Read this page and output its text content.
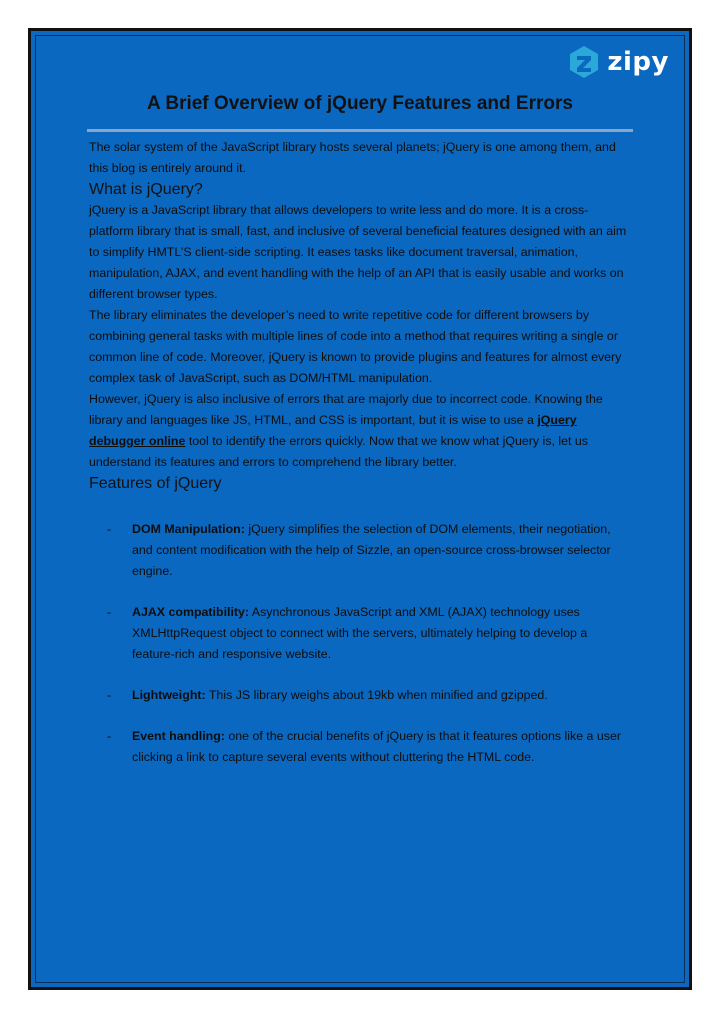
zipy
A Brief Overview of jQuery Features and Errors

The solar system of the JavaScript library hosts several planets; jQuery is one among them, and this blog is entirely around it.

What is jQuery?

jQuery is a JavaScript library that allows developers to write less and do more. It is a cross-platform library that is small, fast, and inclusive of several beneficial features designed with an aim to simplify HMTL’S client-side scripting. It eases tasks like document traversal, animation, manipulation, AJAX, and event handling with the help of an API that is easily usable and works on different browser types.

The library eliminates the developer’s need to write repetitive code for different browsers by combining general tasks with multiple lines of code into a method that requires writing a single or common line of code. Moreover, jQuery is known to provide plugins and features for almost every complex task of JavaScript, such as DOM/HTML manipulation.

However, jQuery is also inclusive of errors that are majorly due to incorrect code. Knowing the library and languages like JS, HTML, and CSS is important, but it is wise to use a jQuery debugger online tool to identify the errors quickly. Now that we know what jQuery is, let us understand its features and errors to comprehend the library better.

Features of jQuery
- DOM Manipulation: jQuery simplifies the selection of DOM elements, their negotiation, and content modification with the help of Sizzle, an open-source cross-browser selector engine.
- AJAX compatibility: Asynchronous JavaScript and XML (AJAX) technology uses XMLHttpRequest object to connect with the servers, ultimately helping to develop a feature-rich and responsive website.
- Lightweight: This JS library weighs about 19kb when minified and gzipped.
- Event handling: one of the crucial benefits of jQuery is that it features options like a user clicking a link to capture several events without cluttering the HTML code.
